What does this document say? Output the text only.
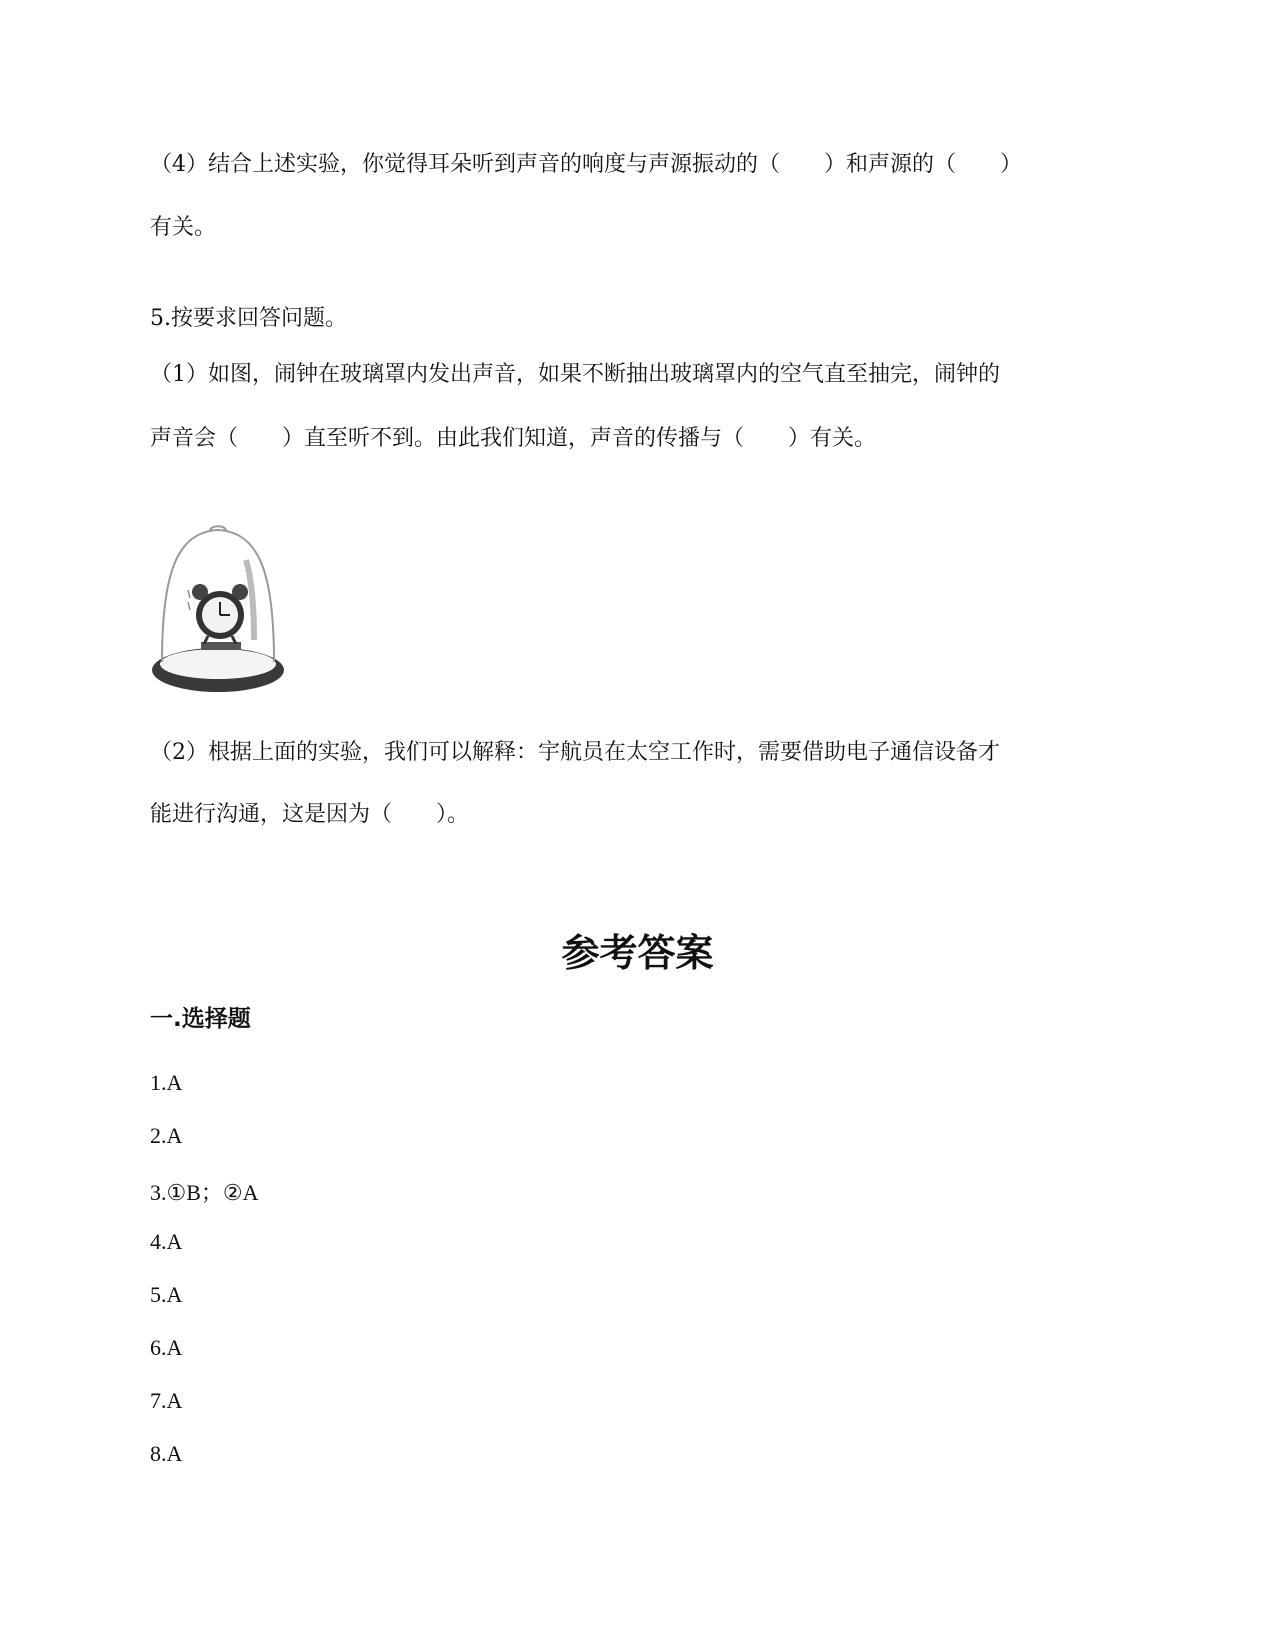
（4）结合上述实验，你觉得耳朵听到声音的响度与声源振动的（　　）和声源的（　　）
有关。
5.按要求回答问题。
（1）如图，闹钟在玻璃罩内发出声音，如果不断抽出玻璃罩内的空气直至抽完，闹钟的
声音会（　　）直至听不到。由此我们知道，声音的传播与（　　）有关。
（2）根据上面的实验，我们可以解释：宇航员在太空工作时，需要借助电子通信设备才
能进行沟通，这是因为（　　）。
参考答案
一.选择题
1.A
2.A
3.①B；②A
4.A
5.A
6.A
7.A
8.A
